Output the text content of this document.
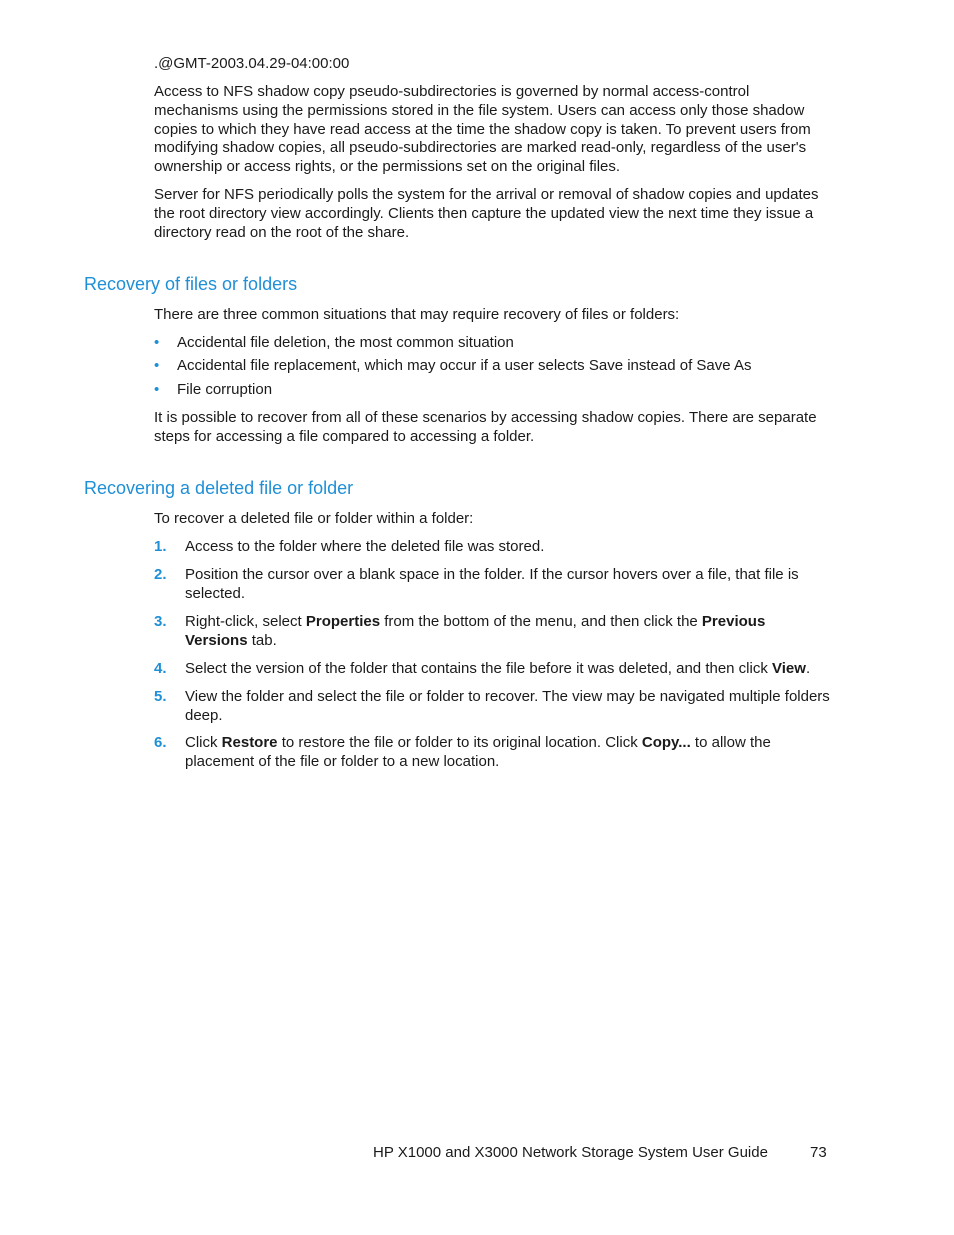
.@GMT-2003.04.29-04:00:00

Access to NFS shadow copy pseudo-subdirectories is governed by normal access-control mechanisms using the permissions stored in the file system. Users can access only those shadow copies to which they have read access at the time the shadow copy is taken. To prevent users from modifying shadow copies, all pseudo-subdirectories are marked read-only, regardless of the user's ownership or access rights, or the permissions set on the original files.

Server for NFS periodically polls the system for the arrival or removal of shadow copies and updates the root directory view accordingly. Clients then capture the updated view the next time they issue a directory read on the root of the share.

Recovery of files or folders

There are three common situations that may require recovery of files or folders:

• Accidental file deletion, the most common situation
• Accidental file replacement, which may occur if a user selects Save instead of Save As
• File corruption

It is possible to recover from all of these scenarios by accessing shadow copies. There are separate steps for accessing a file compared to accessing a folder.

Recovering a deleted file or folder

To recover a deleted file or folder within a folder:

1. Access to the folder where the deleted file was stored.
2. Position the cursor over a blank space in the folder. If the cursor hovers over a file, that file is selected.
3. Right-click, select Properties from the bottom of the menu, and then click the Previous Versions tab.
4. Select the version of the folder that contains the file before it was deleted, and then click View.
5. View the folder and select the file or folder to recover. The view may be navigated multiple folders deep.
6. Click Restore to restore the file or folder to its original location. Click Copy... to allow the placement of the file or folder to a new location.
HP X1000 and X3000 Network Storage System User Guide	73
